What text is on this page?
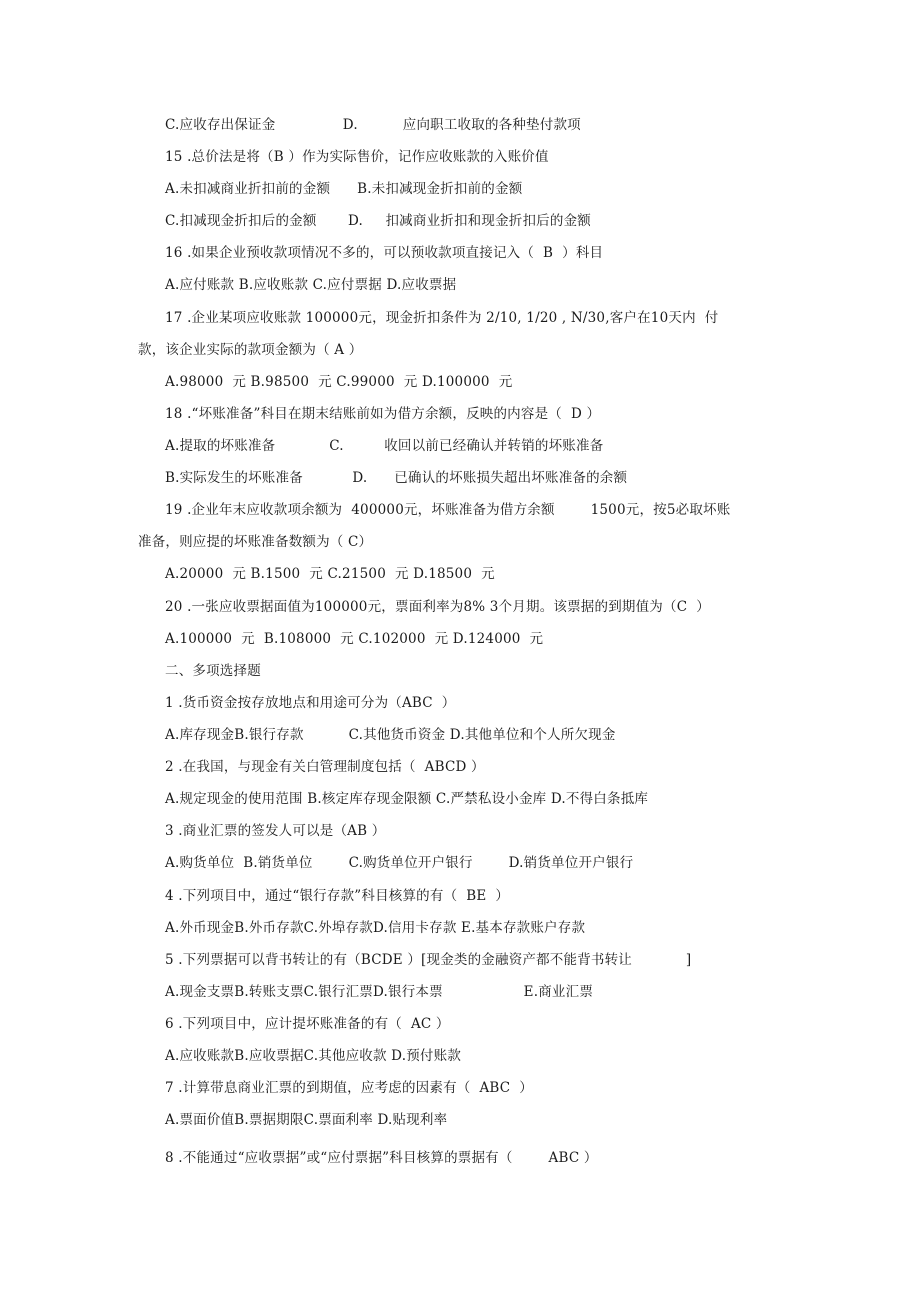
C.应收存出保证金               D.          应向职工收取的各种垫付款项
15 .总价法是将（B ）作为实际售价，记作应收账款的入账价值
A.未扣减商业折扣前的金额      B.未扣减现金折扣前的金额
C.扣减现金折扣后的金额       D.     扣减商业折扣和现金折扣后的金额
16 .如果企业预收款项情况不多的，可以预收款项直接记入（  B  ）科目
A.应付账款 B.应收账款 C.应付票据 D.应收票据
17 .企业某项应收账款 100000元，现金折扣条件为 2/10, 1/20 , N/30,客户在10天内  付
款，该企业实际的款项金额为（ A ）
A.98000  元 B.98500  元 C.99000  元 D.100000  元
18 .“坏账准备”科目在期末结账前如为借方余额，反映的内容是（  D ）
A.提取的坏账准备            C.         收回以前已经确认并转销的坏账准备
B.实际发生的坏账准备           D.      已确认的坏账损失超出坏账准备的余额
19 .企业年末应收款项余额为  400000元，坏账准备为借方余额        1500元，按5必取坏账
准备，则应提的坏账准备数额为（ C）
A.20000  元 B.1500  元 C.21500  元 D.18500  元
20 .一张应收票据面值为100000元，票面利率为8% 3个月期。该票据的到期值为（C  ）
A.100000  元  B.108000  元 C.102000  元 D.124000  元
二、多项选择题
1 .货币资金按存放地点和用途可分为（ABC  ）
A.库存现金B.银行存款          C.其他货币资金 D.其他单位和个人所欠现金
2 .在我国，与现金有关白管理制度包括（  ABCD ）
A.规定现金的使用范围 B.核定库存现金限额 C.严禁私设小金库 D.不得白条抵库
3 .商业汇票的签发人可以是（AB ）
A.购货单位  B.销货单位        C.购货单位开户银行        D.销货单位开户银行
4 .下列项目中，通过“银行存款”科目核算的有（  BE  ）
A.外币现金B.外币存款C.外埠存款D.信用卡存款 E.基本存款账户存款
5 .下列票据可以背书转让的有（BCDE ）[现金类的金融资产都不能背书转让            ]
A.现金支票B.转账支票C.银行汇票D.银行本票                  E.商业汇票
6 .下列项目中，应计提坏账准备的有（  AC ）
A.应收账款B.应收票据C.其他应收款 D.预付账款
7 .计算带息商业汇票的到期值，应考虑的因素有（  ABC  ）
A.票面价值B.票据期限C.票面利率 D.贴现利率
8 .不能通过“应收票据”或“应付票据”科目核算的票据有（        ABC ）
